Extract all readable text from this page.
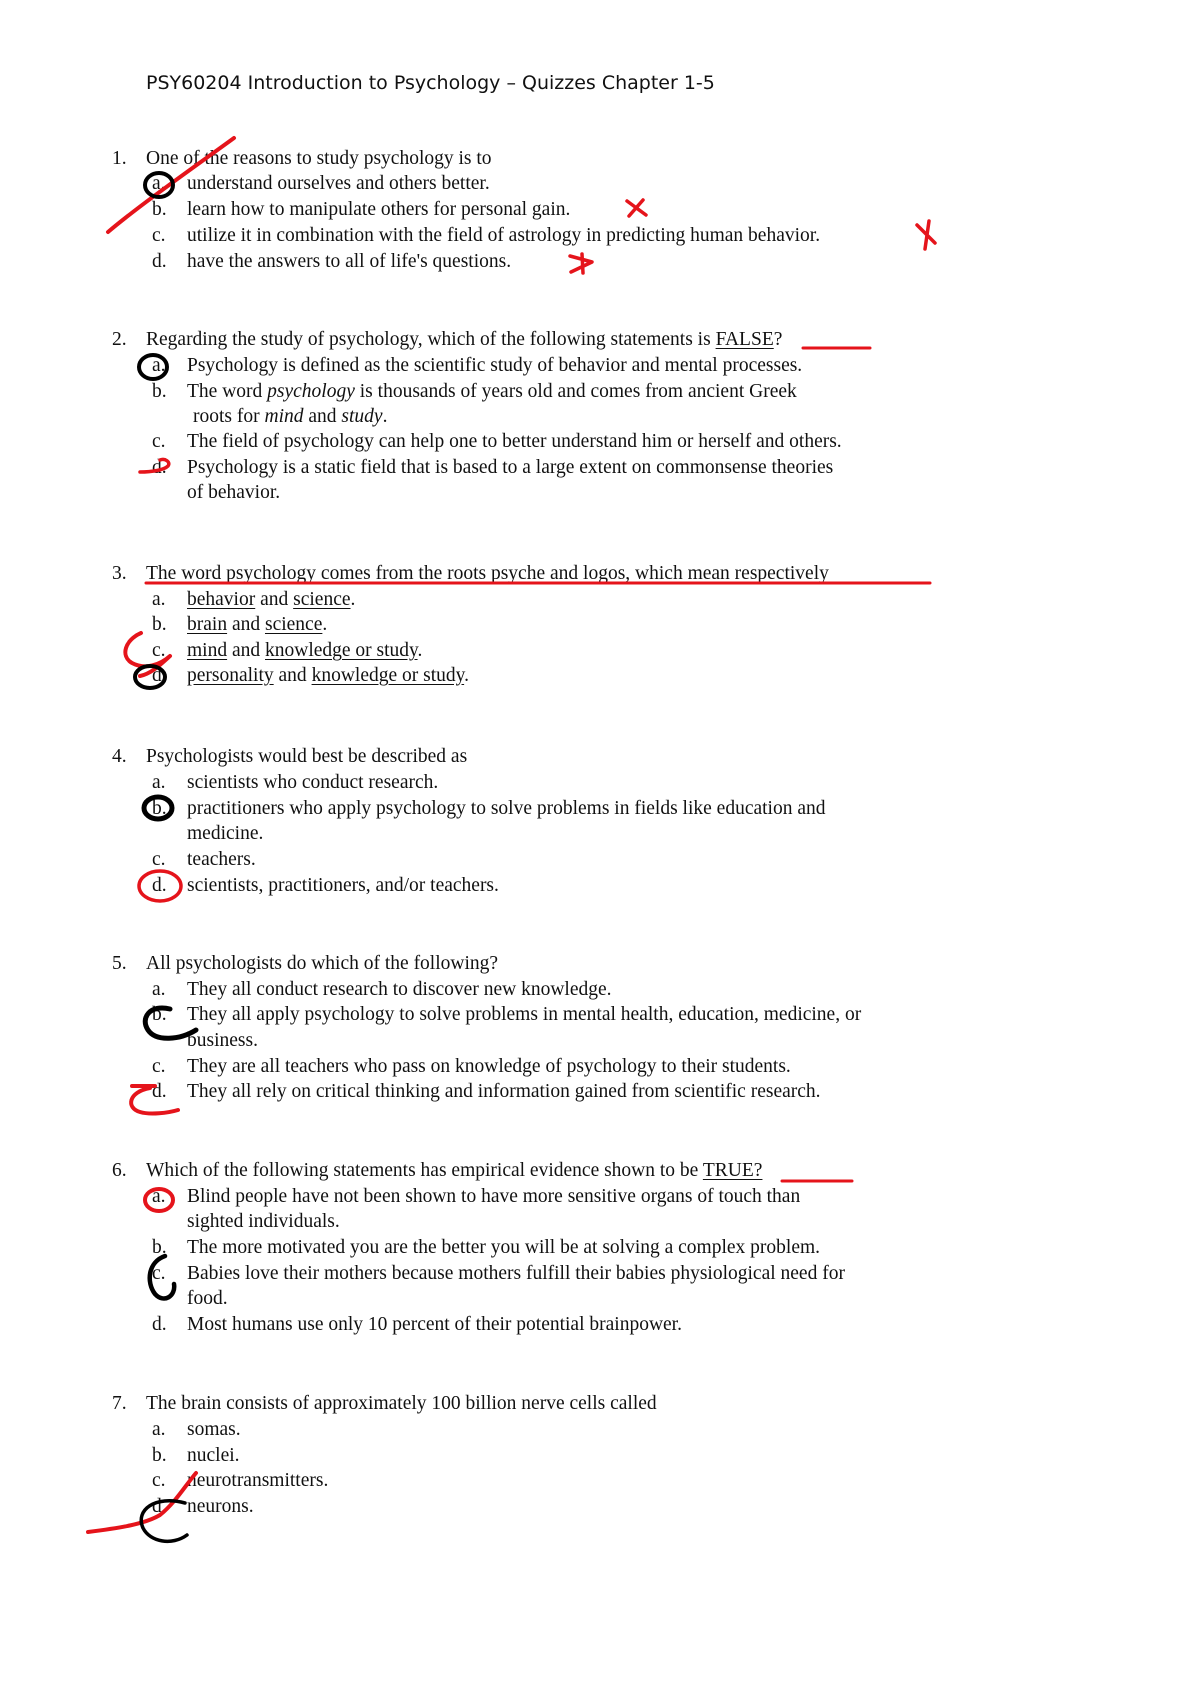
PSY60204 Introduction to Psychology – Quizzes Chapter 1-5
1. One of the reasons to study psychology is to
a. understand ourselves and others better.
b. learn how to manipulate others for personal gain.
c. utilize it in combination with the field of astrology in predicting human behavior.
d. have the answers to all of life's questions.
2. Regarding the study of psychology, which of the following statements is FALSE?
a. Psychology is defined as the scientific study of behavior and mental processes.
b. The word psychology is thousands of years old and comes from ancient Greek
roots for mind and study.
c. The field of psychology can help one to better understand him or herself and others.
d. Psychology is a static field that is based to a large extent on commonsense theories
of behavior.
3. The word psychology comes from the roots psyche and logos, which mean respectively
a. behavior and science.
b. brain and science.
c. mind and knowledge or study.
d. personality and knowledge or study.
4. Psychologists would best be described as
a. scientists who conduct research.
b. practitioners who apply psychology to solve problems in fields like education and
medicine.
c. teachers.
d. scientists, practitioners, and/or teachers.
5. All psychologists do which of the following?
a. They all conduct research to discover new knowledge.
b. They all apply psychology to solve problems in mental health, education, medicine, or
business.
c. They are all teachers who pass on knowledge of psychology to their students.
d. They all rely on critical thinking and information gained from scientific research.
6. Which of the following statements has empirical evidence shown to be TRUE?
a. Blind people have not been shown to have more sensitive organs of touch than
sighted individuals.
b. The more motivated you are the better you will be at solving a complex problem.
c. Babies love their mothers because mothers fulfill their babies physiological need for
food.
d. Most humans use only 10 percent of their potential brainpower.
7. The brain consists of approximately 100 billion nerve cells called
a. somas.
b. nuclei.
c. neurotransmitters.
d. neurons.
